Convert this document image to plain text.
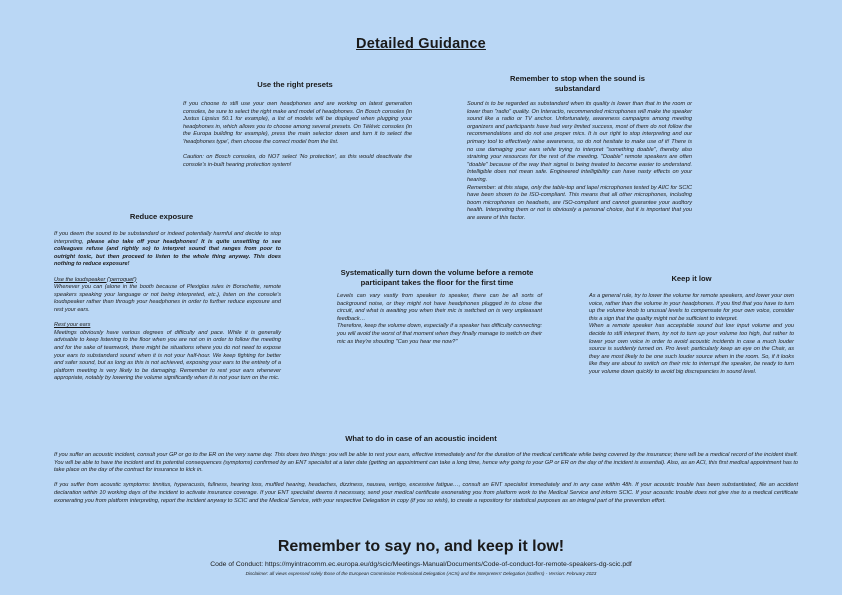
Detailed Guidance
Use the right presets

If you choose to still use your own headphones and are working on latest generation consoles, be sure to select the right make and model of headphones. On Bosch consoles (in Justus Lipsius 50.1 for example), a list of models will be displayed when plugging your headphones in, which allows you to choose among several presets. On Télévic consoles (in the Europa building for example), press the main selector down and turn it to select the 'headphones type', then choose the correct model from the list.

Caution: on Bosch consoles, do NOT select 'No protection', as this would deactivate the console's in-built hearing protection system!

Remember to stop when the sound is substandard

Sound is to be regarded as substandard when its quality is lower than that in the room or lower than "radio" quality. On Interactio, recommended microphones will make the speaker sound like a radio or TV anchor. Unfortunately, awareness campaigns among meeting organizers and participants have had very limited success, most of them do not follow the recommendations and do not use proper mics. It is our right to stop interpreting and our primary tool to effectively raise awareness, so do not hesitate to make use of it! There is no use damaging your ears while trying to interpret "something doable", thereby also straining your resources for the rest of the meeting. "Doable" remote speakers are often "doable" because of the way their signal is being treated to become easier to understand. Intelligible does not mean safe. Engineered intelligibility can have nasty effects on your hearing.

Remember: at this stage, only the table-top and lapel microphones tested by AIIC for SCIC have been shown to be ISO-compliant. This means that all other microphones, including boom microphones on headsets, are ISO-compliant and cannot guarantee your auditory health. Interpreting them or not is obviously a personal choice, but it is important that you are aware of this factor.

Reduce exposure

If you deem the sound to be substandard or indeed potentially harmful and decide to stop interpreting, please also take off your headphones! It is quite unsettling to see colleagues refuse (and rightly so) to interpret sound that ranges from poor to outright toxic, but then proceed to listen to the whole thing anyway. This does nothing to reduce exposure!

Use the loudspeaker ('perroquet')

Whenever you can (alone in the booth because of Plexiglas rules in Borschette, remote speakers speaking your language or not being interpreted, etc.), listen on the console's loudspeaker rather than through your headphones in order to further reduce exposure and rest your ears.

Rest your ears

Meetings obviously have various degrees of difficulty and pace. While it is generally advisable to keep listening to the floor when you are not on in order to follow the meeting and for the sake of teamwork, there might be situations where you do not need to expose your ears to substandard sound when it is not your half-hour. We keep fighting for better and safer sound, but as long as this is not achieved, exposing your ears to the entirety of a platform meeting is very likely to be damaging. Remember to rest your ears whenever appropriate, notably by lowering the volume significantly when it is not your turn on the mic.

Systematically turn down the volume before a remote participant takes the floor for the first time

Levels can vary vastly from speaker to speaker, there can be all sorts of background noise, or they might not have headphones plugged in to close the circuit, and what is awaiting you when their mic is switched on is very unpleasant feedback…

Therefore, keep the volume down, especially if a speaker has difficulty connecting: you will avoid the worst of that moment when they finally manage to switch on their mic as they're shouting "Can you hear me now?"

Keep it low

As a general rule, try to lower the volume for remote speakers, and lower your own voice, rather than the volume in your headphones. If you find that you have to turn up the volume knob to unusual levels to compensate for your own voice, consider this a sign that the quality might not be sufficient to interpret.

When a remote speaker has acceptable sound but low input volume and you decide to still interpret them, try not to turn up your volume too high, but rather to lower your own voice in order to avoid acoustic incidents in case a much louder source is suddenly turned on. Pro level: particularly keep an eye on the Chair, as they are most likely to be one such louder source when in the room. So, if it looks like they are about to switch on their mic to interrupt the speaker, be ready to turn your volume down quickly to avoid big discrepancies in sound level.

What to do in case of an acoustic incident

If you suffer an acoustic incident, consult your GP or go to the ER on the very same day. This does two things: you will be able to rest your ears, effective immediately and for the duration of the medical certificate while being covered by the insurance; there will be a medical record of the incident itself. You will be able to have the incident and its potential consequences (symptoms) confirmed by an ENT specialist at a later date (getting an appointment can take a long time, hence why going to your GP or ER on the day of the incident is essential). Also, as an ACI, this first medical appointment has to take place on the day of the contract for insurance to kick in.

If you suffer from acoustic symptoms: tinnitus, hyperacusis, fullness, hearing loss, muffled hearing, headaches, dizziness, nausea, vertigo, excessive fatigue…, consult an ENT specialist immediately and in any case within 48h. If your acoustic trouble has been substantiated, file an accident declaration within 10 working days of the incident to activate insurance coverage. If your ENT specialist deems it necessary, send your medical certificate exonerating you from platform work to the Medical Service and inform SCIC. If your acoustic trouble does not give rise to a medical certificate exonerating you from platform interpreting, report the incident anyway to SCIC and the Medical Service, with your respective Delegation in copy (if you so wish), to create a repository for statistical purposes as an integral part of the prevention effort.

Remember to say no, and keep it low!
Code of Conduct: https://myintracomm.ec.europa.eu/dg/scic/Meetings-Manual/Documents/Code-of-conduct-for-remote-speakers-dg-scic.pdf
Disclaimer: all views expressed solely those of the European Commission Professional Delegation (ACIs) and the Interpreters' Delegation (staffers) - Version: February 2023
